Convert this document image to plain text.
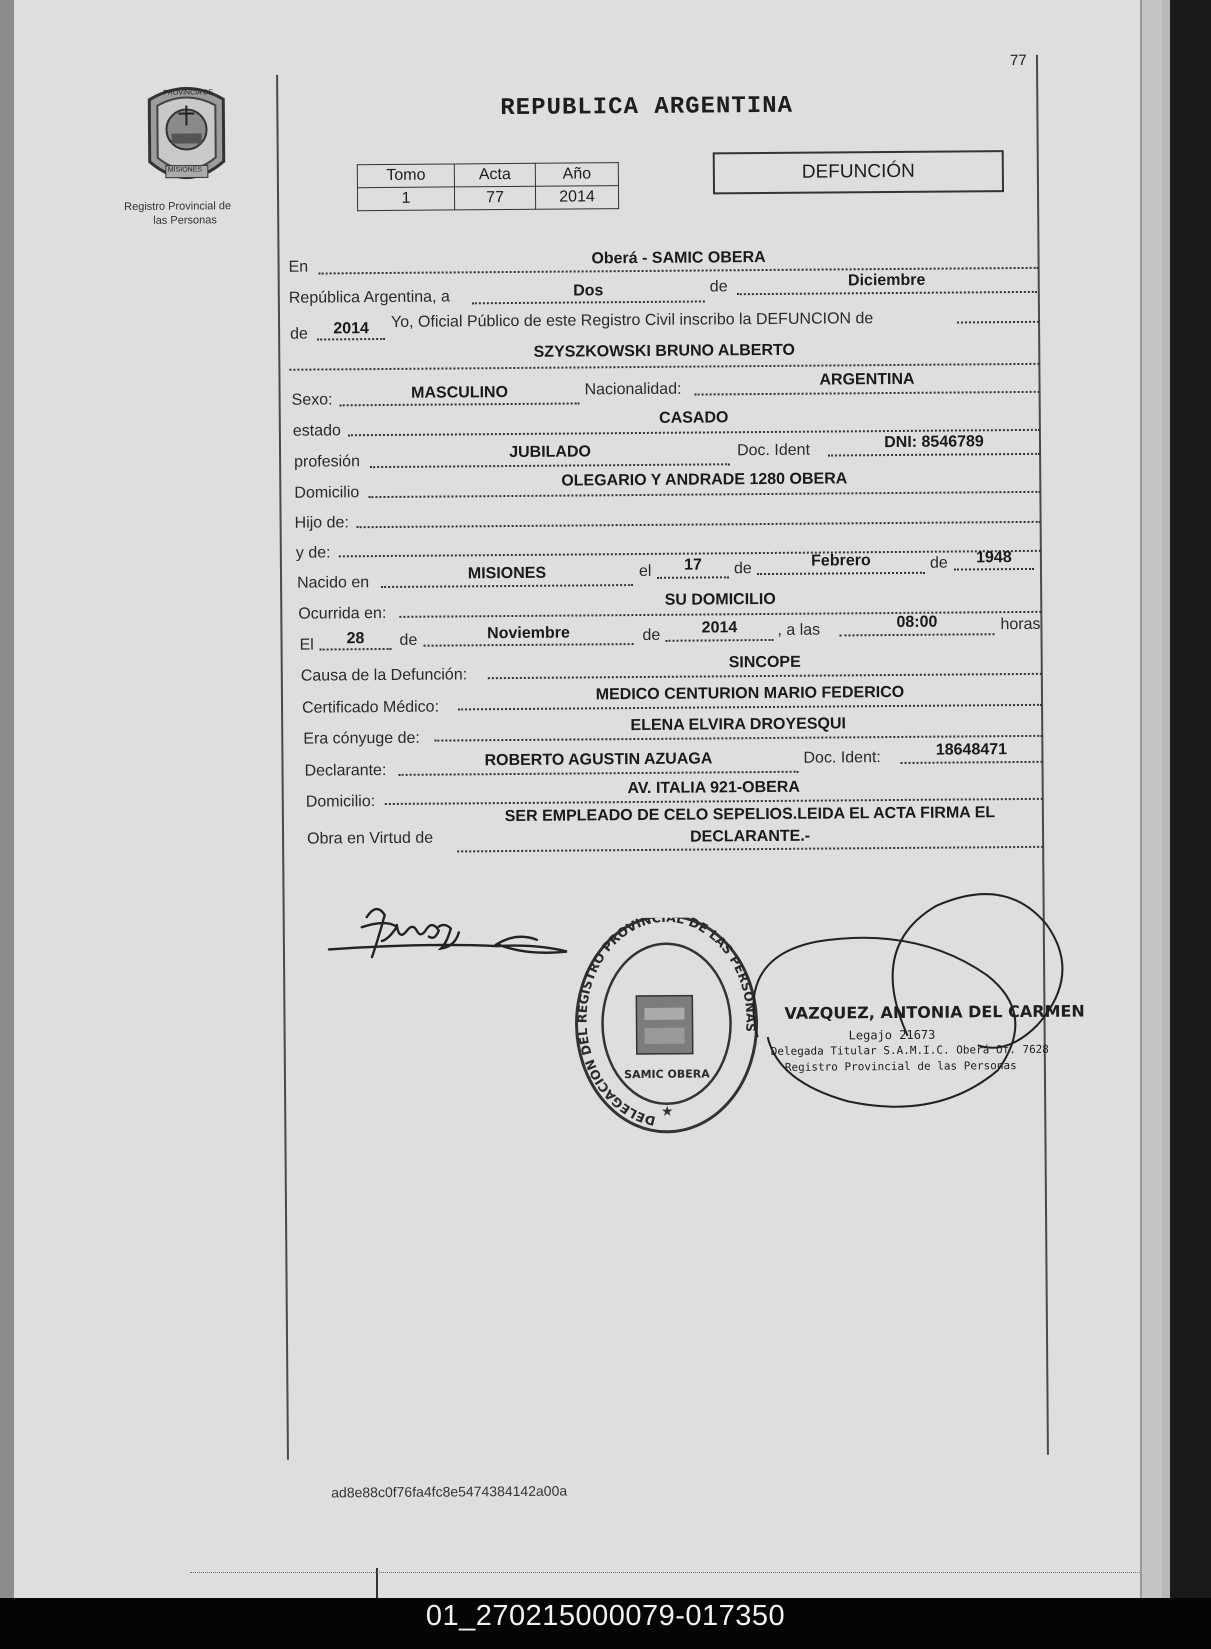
77
PROVINCIA DE
MISIONES
Registro Provincial de
las Personas
REPUBLICA ARGENTINA
Tomo	Acta	Año
1	77	2014
DEFUNCIÓN
En	Oberá - SAMIC OBERA
República Argentina, a	Dos	de	Diciembre
de	2014	Yo, Oficial Público de este Registro Civil inscribo la DEFUNCION de
SZYSZKOWSKI BRUNO ALBERTO
Sexo:	MASCULINO	Nacionalidad:
ARGENTINA
estado
CASADO
profesión
JUBILADO	Doc. Ident	DNI: 8546789
Domicilio
OLEGARIO Y ANDRADE 1280 OBERA
Hijo de:
y de:
Nacido en
MISIONES	el	17	de	Febrero	de	1948
Ocurrida en:
SU DOMICILIO
El	28	de	Noviembre	de	2014	, a las	08:00	horas
Causa de la Defunción:
SINCOPE
Certificado Médico:
MEDICO CENTURION MARIO FEDERICO
Era cónyuge de:
ELENA ELVIRA DROYESQUI
Declarante:
ROBERTO AGUSTIN AZUAGA	Doc. Ident:	18648471
Domicilio:
AV. ITALIA 921-OBERA
Obra en Virtud de
SER EMPLEADO DE CELO SEPELIOS.LEIDA EL ACTA FIRMA EL
DECLARANTE.-
DELEGACIÓN DEL REGISTRO PROVINCIAL DE LAS PERSONAS
SAMIC OBERA
★
VAZQUEZ, ANTONIA DEL CARMEN
Legajo 21673
Delegada Titular S.A.M.I.C. Oberá Of. 7628
Registro Provincial de las Personas
ad8e88c0f76fa4fc8e5474384142a00a
01_270215000079-017350
